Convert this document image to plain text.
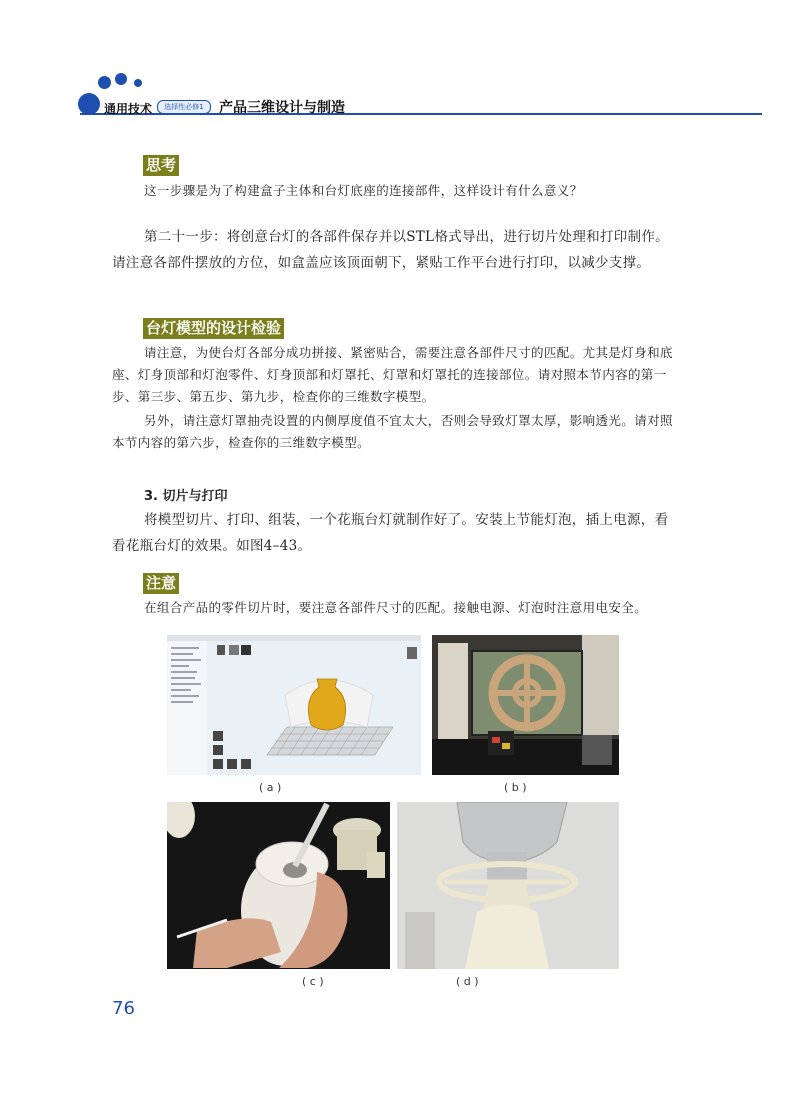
通用技术	选择性必修1	产品三维设计与制造
思考

这一步骤是为了构建盒子主体和台灯底座的连接部件，这样设计有什么意义？

第二十一步：将创意台灯的各部件保存并以STL格式导出，进行切片处理和打印制作。请注意各部件摆放的方位，如盒盖应该顶面朝下，紧贴工作平台进行打印，以减少支撑。

台灯模型的设计检验

请注意，为使台灯各部分成功拼接、紧密贴合，需要注意各部件尺寸的匹配。尤其是灯身和底座、灯身顶部和灯泡零件、灯身顶部和灯罩托、灯罩和灯罩托的连接部位。请对照本节内容的第一步、第三步、第五步、第九步，检查你的三维数字模型。

另外，请注意灯罩抽壳设置的内侧厚度值不宜太大，否则会导致灯罩太厚，影响透光。请对照本节内容的第六步，检查你的三维数字模型。

3. 切片与打印

将模型切片、打印、组装，一个花瓶台灯就制作好了。安装上节能灯泡，插上电源，看看花瓶台灯的效果。如图4–43。

注意

在组合产品的零件切片时，要注意各部件尺寸的匹配。接触电源、灯泡时注意用电安全。

( a )	( b )
( c )	( d )
76
